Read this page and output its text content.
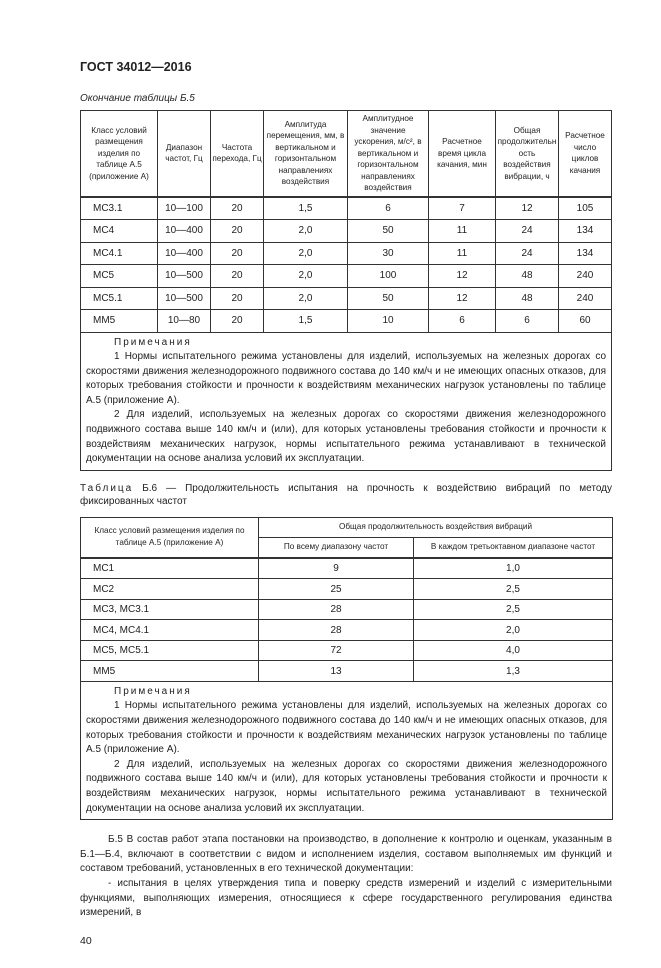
ГОСТ 34012—2016
Окончание таблицы Б.5
Класс условий размещения изделия по таблице А.5 (приложение А)	Диапазон частот, Гц	Частота перехода, Гц	Амплитуда перемещения, мм, в вертикальном и горизонтальном направлениях воздействия	Амплитудное значение ускорения, м/с², в вертикальном и горизонтальном направлениях воздействия	Расчетное время цикла качания, мин	Общая продолжительность воздействия вибрации, ч	Расчетное число циклов качания
МС3.1	10—100	20	1,5	6	7	12	105
МС4	10—400	20	2,0	50	11	24	134
МС4.1	10—400	20	2,0	30	11	24	134
МС5	10—500	20	2,0	100	12	48	240
МС5.1	10—500	20	2,0	50	12	48	240
ММ5	10—80	20	1,5	10	6	6	60

Примечания

1 Нормы испытательного режима установлены для изделий, используемых на железных дорогах со скоростями движения железнодорожного подвижного состава до 140 км/ч и не имеющих опасных отказов, для которых требования стойкости и прочности к воздействиям механических нагрузок установлены по таблице А.5 (приложение А).

2 Для изделий, используемых на железных дорогах со скоростями движения железнодорожного подвижного состава выше 140 км/ч и (или), для которых установлены требования стойкости и прочности к воздействиям механических нагрузок, нормы испытательного режима устанавливают в технической документации на основе анализа условий их эксплуатации.							

Таблица Б.6 — Продолжительность испытания на прочность к воздействию вибраций по методу фиксированных частот
Класс условий размещения изделия по таблице А.5 (приложение А)	Общая продолжительность воздействия вибраций	
	По всему диапазону частот	В каждом третьоктавном диапазоне частот
МС1	9	1,0
МС2	25	2,5
МС3, МС3.1	28	2,5
МС4, МС4.1	28	2,0
МС5, МС5.1	72	4,0
ММ5	13	1,3

Примечания

1 Нормы испытательного режима установлены для изделий, используемых на железных дорогах со скоростями движения железнодорожного подвижного состава до 140 км/ч и не имеющих опасных отказов, для которых требования стойкости и прочности к воздействиям механических нагрузок установлены по таблице А.5 (приложение А).

2 Для изделий, используемых на железных дорогах со скоростями движения железнодорожного подвижного состава выше 140 км/ч и (или), для которых установлены требования стойкости и прочности к воздействиям механических нагрузок, нормы испытательного режима устанавливают в технической документации на основе анализа условий их эксплуатации.		

Б.5 В состав работ этапа постановки на производство, в дополнение к контролю и оценкам, указанным в Б.1—Б.4, включают в соответствии с видом и исполнением изделия, составом выполняемых им функций и составом требований, установленных в его технической документации:

- испытания в целях утверждения типа и поверку средств измерений и изделий с измерительными функциями, выполняющих измерения, относящиеся к сфере государственного регулирования единства измерений, в

40
